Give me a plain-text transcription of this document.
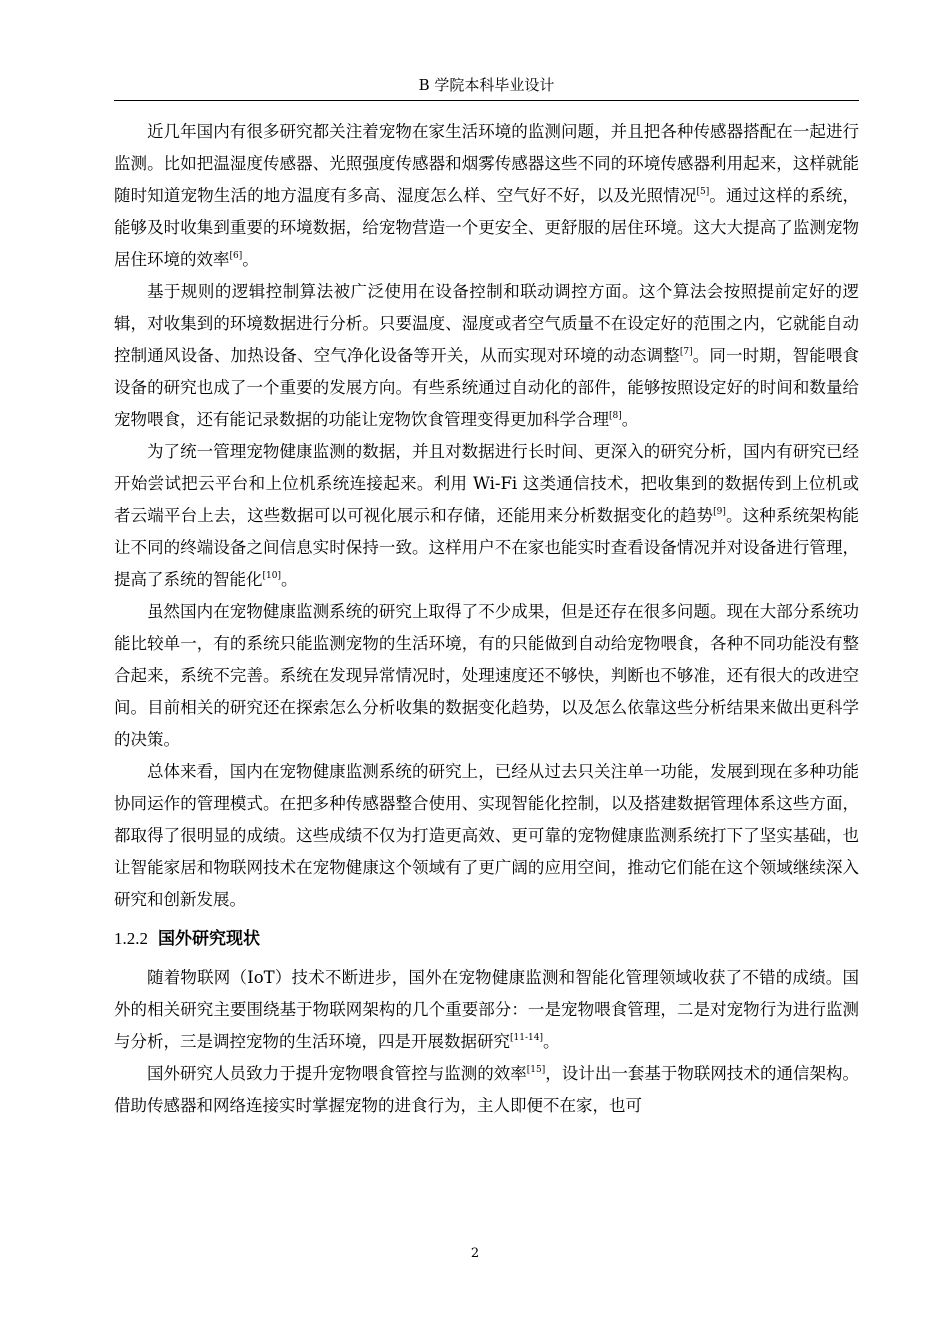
B 学院本科毕业设计

近几年国内有很多研究都关注着宠物在家生活环境的监测问题，并且把各种传感器搭配在一起进行监测。比如把温湿度传感器、光照强度传感器和烟雾传感器这些不同的环境传感器利用起来，这样就能随时知道宠物生活的地方温度有多高、湿度怎么样、空气好不好，以及光照情况[5]。通过这样的系统，能够及时收集到重要的环境数据，给宠物营造一个更安全、更舒服的居住环境。这大大提高了监测宠物居住环境的效率[6]。

基于规则的逻辑控制算法被广泛使用在设备控制和联动调控方面。这个算法会按照提前定好的逻辑，对收集到的环境数据进行分析。只要温度、湿度或者空气质量不在设定好的范围之内，它就能自动控制通风设备、加热设备、空气净化设备等开关，从而实现对环境的动态调整[7]。同一时期，智能喂食设备的研究也成了一个重要的发展方向。有些系统通过自动化的部件，能够按照设定好的时间和数量给宠物喂食，还有能记录数据的功能让宠物饮食管理变得更加科学合理[8]。

为了统一管理宠物健康监测的数据，并且对数据进行长时间、更深入的研究分析，国内有研究已经开始尝试把云平台和上位机系统连接起来。利用 Wi-Fi 这类通信技术，把收集到的数据传到上位机或者云端平台上去，这些数据可以可视化展示和存储，还能用来分析数据变化的趋势[9]。这种系统架构能让不同的终端设备之间信息实时保持一致。这样用户不在家也能实时查看设备情况并对设备进行管理，提高了系统的智能化[10]。

虽然国内在宠物健康监测系统的研究上取得了不少成果，但是还存在很多问题。现在大部分系统功能比较单一，有的系统只能监测宠物的生活环境，有的只能做到自动给宠物喂食，各种不同功能没有整合起来，系统不完善。系统在发现异常情况时，处理速度还不够快，判断也不够准，还有很大的改进空间。目前相关的研究还在探索怎么分析收集的数据变化趋势，以及怎么依靠这些分析结果来做出更科学的决策。

总体来看，国内在宠物健康监测系统的研究上，已经从过去只关注单一功能，发展到现在多种功能协同运作的管理模式。在把多种传感器整合使用、实现智能化控制，以及搭建数据管理体系这些方面，都取得了很明显的成绩。这些成绩不仅为打造更高效、更可靠的宠物健康监测系统打下了坚实基础，也让智能家居和物联网技术在宠物健康这个领域有了更广阔的应用空间，推动它们能在这个领域继续深入研究和创新发展。

1.2.2 国外研究现状

随着物联网（IoT）技术不断进步，国外在宠物健康监测和智能化管理领域收获了不错的成绩。国外的相关研究主要围绕基于物联网架构的几个重要部分：一是宠物喂食管理，二是对宠物行为进行监测与分析，三是调控宠物的生活环境，四是开展数据研究[11-14]。

国外研究人员致力于提升宠物喂食管控与监测的效率[15]，设计出一套基于物联网技术的通信架构。借助传感器和网络连接实时掌握宠物的进食行为，主人即便不在家，也可

2
